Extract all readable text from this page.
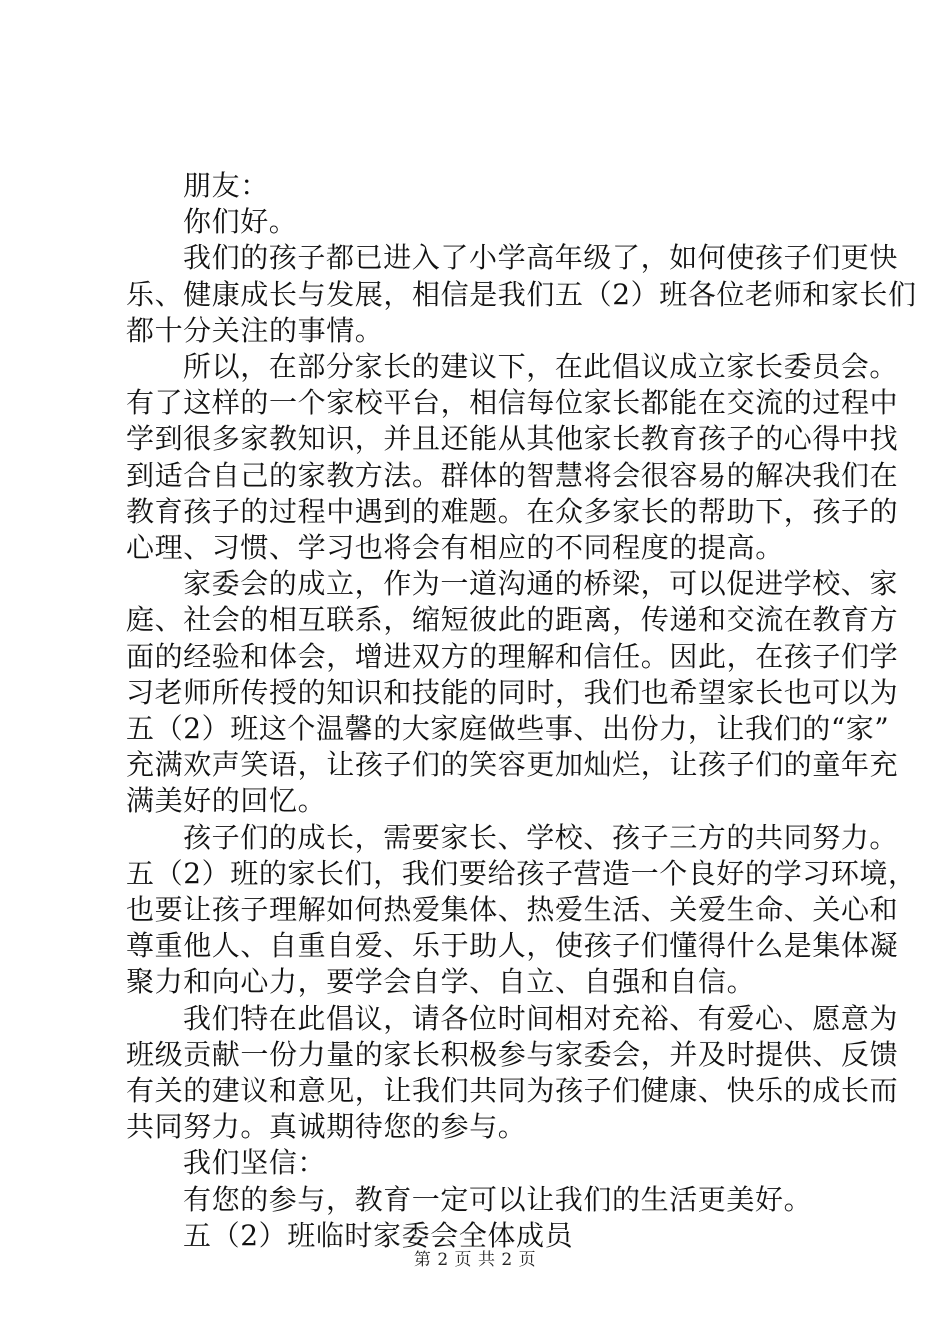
朋友：
你们好。
我们的孩子都已进入了小学高年级了，如何使孩子们更快
乐、健康成长与发展，相信是我们五（2）班各位老师和家长们
都十分关注的事情。
所以，在部分家长的建议下，在此倡议成立家长委员会。
有了这样的一个家校平台，相信每位家长都能在交流的过程中
学到很多家教知识，并且还能从其他家长教育孩子的心得中找
到适合自己的家教方法。群体的智慧将会很容易的解决我们在
教育孩子的过程中遇到的难题。在众多家长的帮助下，孩子的
心理、习惯、学习也将会有相应的不同程度的提高。
家委会的成立，作为一道沟通的桥梁，可以促进学校、家
庭、社会的相互联系，缩短彼此的距离，传递和交流在教育方
面的经验和体会，增进双方的理解和信任。因此，在孩子们学
习老师所传授的知识和技能的同时，我们也希望家长也可以为
五（2）班这个温馨的大家庭做些事、出份力，让我们的“家”
充满欢声笑语，让孩子们的笑容更加灿烂，让孩子们的童年充
满美好的回忆。
孩子们的成长，需要家长、学校、孩子三方的共同努力。
五（2）班的家长们，我们要给孩子营造一个良好的学习环境，
也要让孩子理解如何热爱集体、热爱生活、关爱生命、关心和
尊重他人、自重自爱、乐于助人，使孩子们懂得什么是集体凝
聚力和向心力，要学会自学、自立、自强和自信。
我们特在此倡议，请各位时间相对充裕、有爱心、愿意为
班级贡献一份力量的家长积极参与家委会，并及时提供、反馈
有关的建议和意见，让我们共同为孩子们健康、快乐的成长而
共同努力。真诚期待您的参与。
我们坚信：
有您的参与，教育一定可以让我们的生活更美好。
五（2）班临时家委会全体成员
第 2 页 共 2 页
